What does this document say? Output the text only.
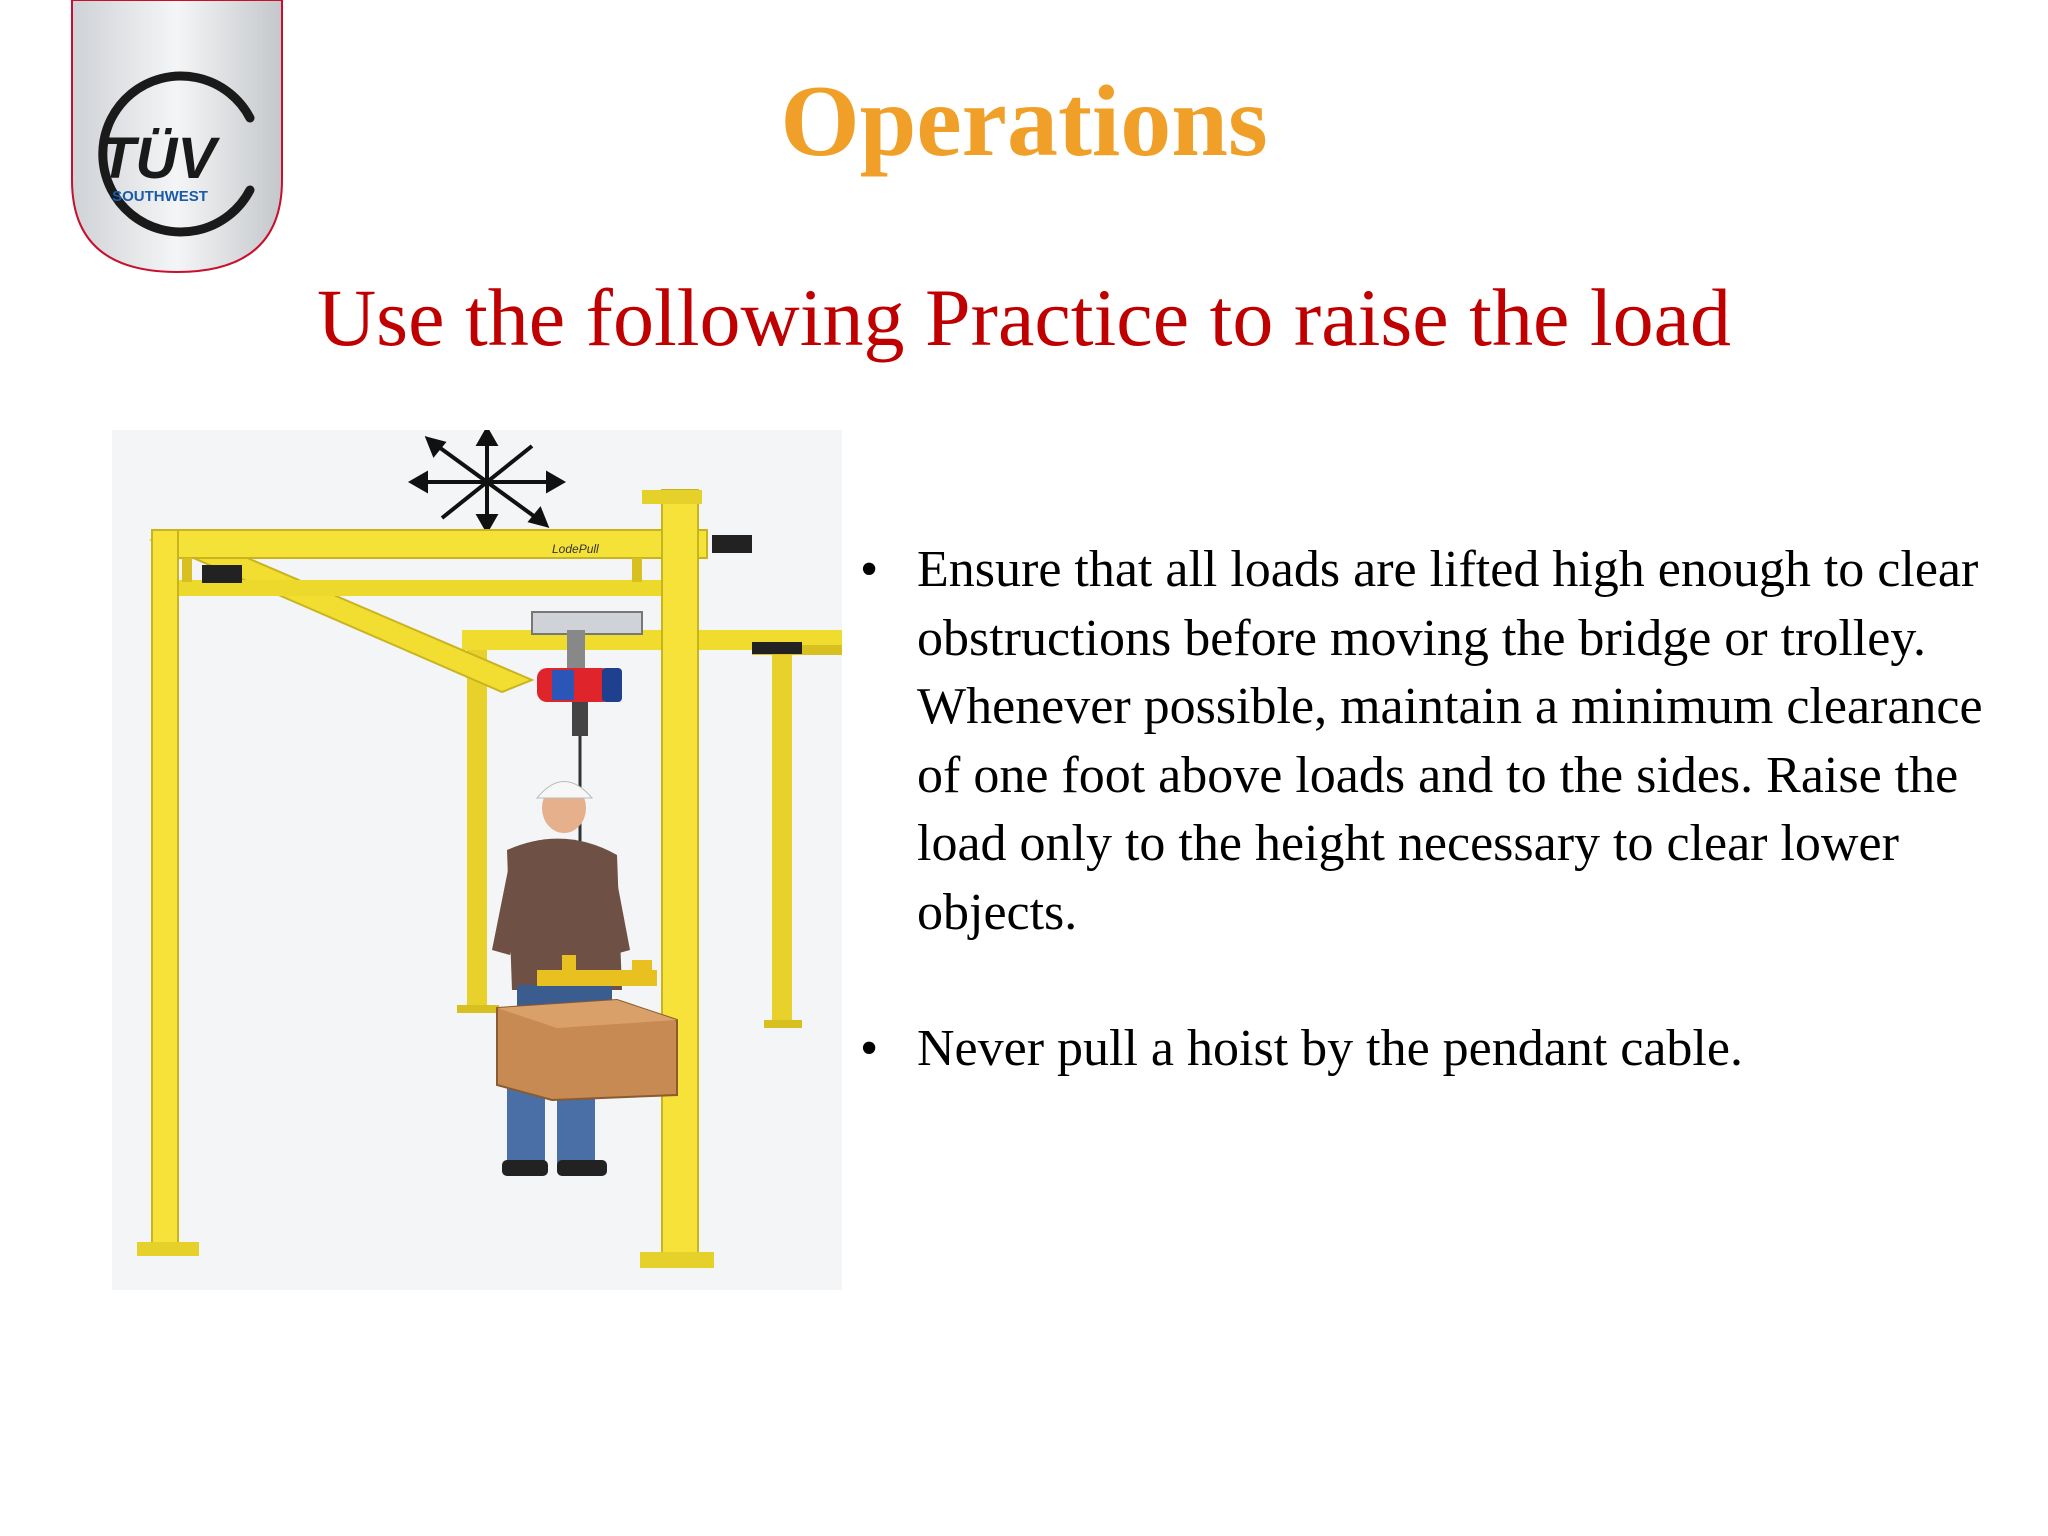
TÜV
SOUTHWEST
Operations
Use the following Practice to raise the load
LodePull	• Ensure that all loads are lifted high enough to clear obstructions before moving the bridge or trolley. Whenever possible, maintain a minimum clearance of one foot above loads and to the sides. Raise the load only to the height necessary to clear lower objects.
• Never pull a hoist by the pendant cable.
